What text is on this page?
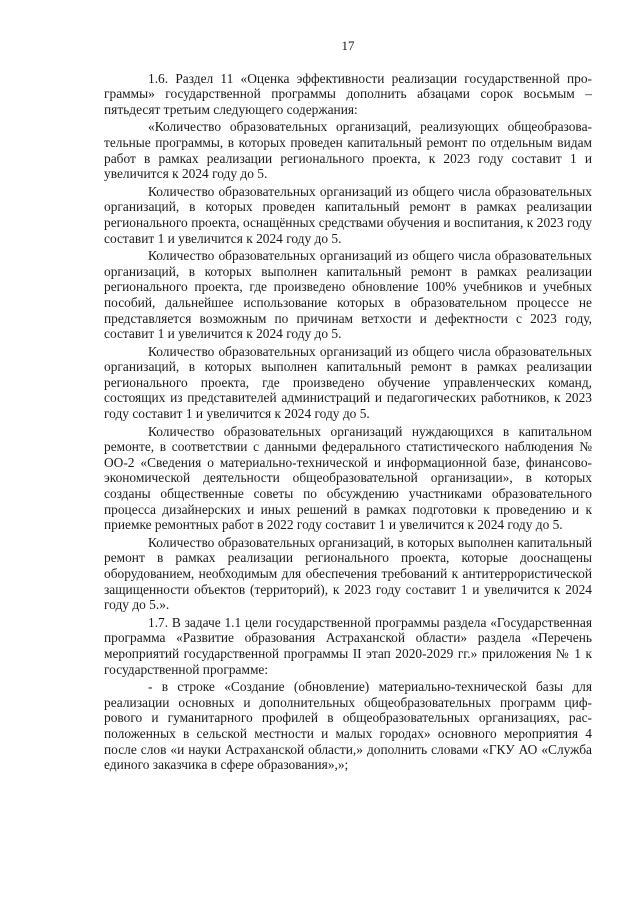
17

1.6. Раздел 11 «Оценка эффективности реализации государственной программы» государственной программы дополнить абзацами сорок восьмым – пятьдесят третьим следующего содержания:

«Количество образовательных организаций, реализующих общеобразовательные программы, в которых проведен капитальный ремонт по отдельным видам работ в рамках реализации регионального проекта, к 2023 году составит 1 и увеличится к 2024 году до 5.

Количество образовательных организаций из общего числа образовательных организаций, в которых проведен капитальный ремонт в рамках реализации регионального проекта, оснащённых средствами обучения и воспитания, к 2023 году составит 1 и увеличится к 2024 году до 5.

Количество образовательных организаций из общего числа образовательных организаций, в которых выполнен капитальный ремонт в рамках реализации регионального проекта, где произведено обновление 100% учебников и учебных пособий, дальнейшее использование которых в образовательном процессе не представляется возможным по причинам ветхости и дефектности с 2023 году, составит 1 и увеличится к 2024 году до 5.

Количество образовательных организаций из общего числа образовательных организаций, в которых выполнен капитальный ремонт в рамках реализации регионального проекта, где произведено обучение управленческих команд, состоящих из представителей администраций и педагогических работников, к 2023 году составит 1 и увеличится к 2024 году до 5.

Количество образовательных организаций нуждающихся в капитальном ремонте, в соответствии с данными федерального статистического наблюдения № ОО-2 «Сведения о материально-технической и информационной базе, финансово-экономической деятельности общеобразовательной организации», в которых созданы общественные советы по обсуждению участниками образовательного процесса дизайнерских и иных решений в рамках подготовки к проведению и к приемке ремонтных работ в 2022 году составит 1 и увеличится к 2024 году до 5.

Количество образовательных организаций, в которых выполнен капитальный ремонт в рамках реализации регионального проекта, которые дооснащены оборудованием, необходимым для обеспечения требований к антитеррористической защищенности объектов (территорий), к 2023 году составит 1 и увеличится к 2024 году до 5.».

1.7. В задаче 1.1 цели государственной программы раздела «Государственная программа «Развитие образования Астраханской области» раздела «Перечень мероприятий государственной программы II этап 2020-2029 гг.» приложения № 1 к государственной программе:

- в строке «Создание (обновление) материально-технической базы для реализации основных и дополнительных общеобразовательных программ цифрового и гуманитарного профилей в общеобразовательных организациях, расположенных в сельской местности и малых городах» основного мероприятия 4 после слов «и науки Астраханской области,» дополнить словами «ГКУ АО «Служба единого заказчика в сфере образования»,»;
